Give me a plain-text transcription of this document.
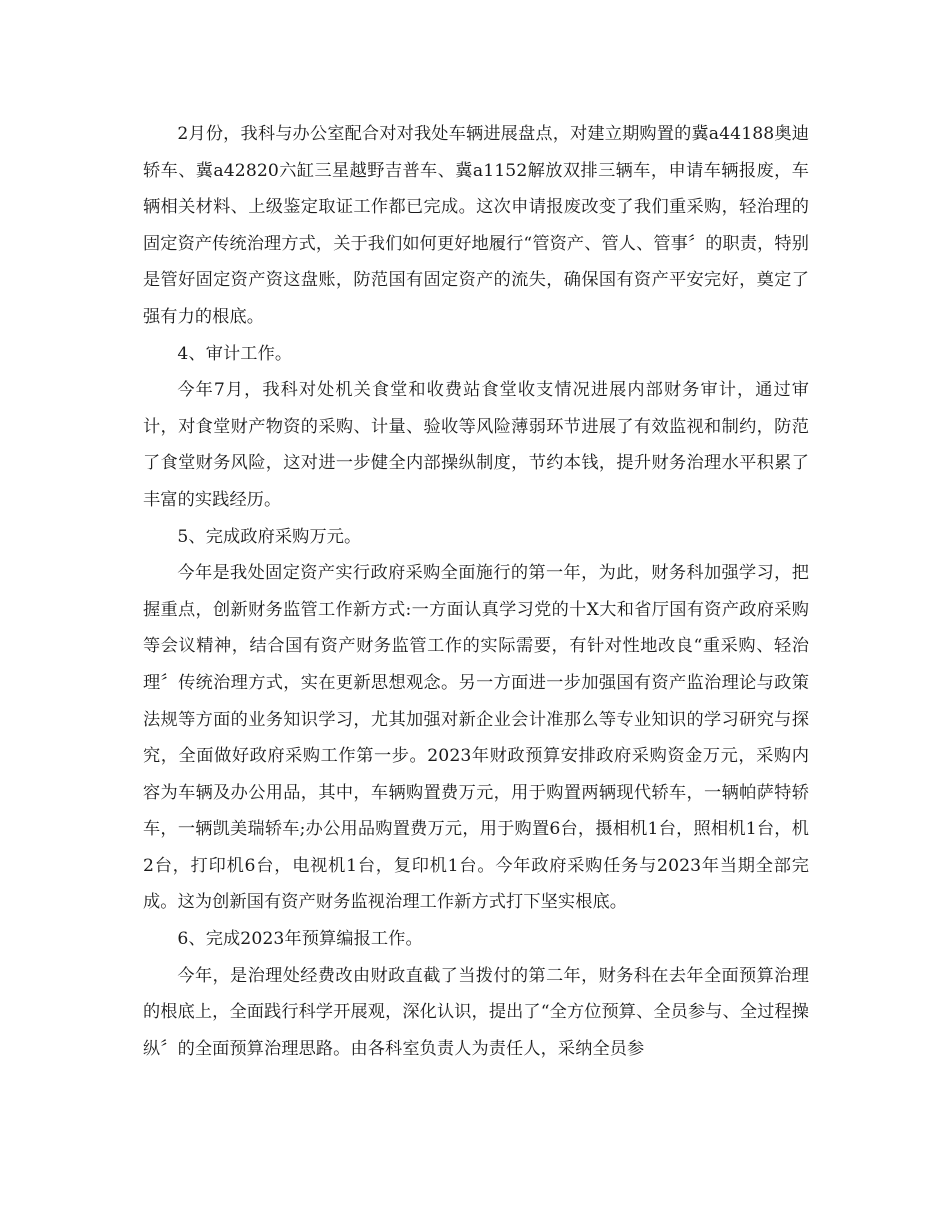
2月份，我科与办公室配合对对我处车辆进展盘点，对建立期购置的冀a44188奥迪轿车、冀a42820六缸三星越野吉普车、冀a1152解放双排三辆车，申请车辆报废，车辆相关材料、上级鉴定取证工作都已完成。这次申请报废改变了我们重采购，轻治理的固定资产传统治理方式，关于我们如何更好地履行“管资产、管人、管事〞的职责，特别是管好固定资产资这盘账，防范国有固定资产的流失，确保国有资产平安完好，奠定了强有力的根底。

4、审计工作。

今年7月，我科对处机关食堂和收费站食堂收支情况进展内部财务审计，通过审计，对食堂财产物资的采购、计量、验收等风险薄弱环节进展了有效监视和制约，防范了食堂财务风险，这对进一步健全内部操纵制度，节约本钱，提升财务治理水平积累了丰富的实践经历。

5、完成政府采购万元。

今年是我处固定资产实行政府采购全面施行的第一年，为此，财务科加强学习，把握重点，创新财务监管工作新方式:一方面认真学习党的十X大和省厅国有资产政府采购等会议精神，结合国有资产财务监管工作的实际需要，有针对性地改良“重采购、轻治理〞传统治理方式，实在更新思想观念。另一方面进一步加强国有资产监治理论与政策法规等方面的业务知识学习，尤其加强对新企业会计准那么等专业知识的学习研究与探究，全面做好政府采购工作第一步。2023年财政预算安排政府采购资金万元，采购内容为车辆及办公用品，其中，车辆购置费万元，用于购置两辆现代轿车，一辆帕萨特轿车，一辆凯美瑞轿车;办公用品购置费万元，用于购置6台，摄相机1台，照相机1台，机2台，打印机6台，电视机1台，复印机1台。今年政府采购任务与2023年当期全部完成。这为创新国有资产财务监视治理工作新方式打下坚实根底。

6、完成2023年预算编报工作。

今年，是治理处经费改由财政直截了当拨付的第二年，财务科在去年全面预算治理的根底上，全面践行科学开展观，深化认识，提出了“全方位预算、全员参与、全过程操纵〞的全面预算治理思路。由各科室负责人为责任人，采纳全员参
